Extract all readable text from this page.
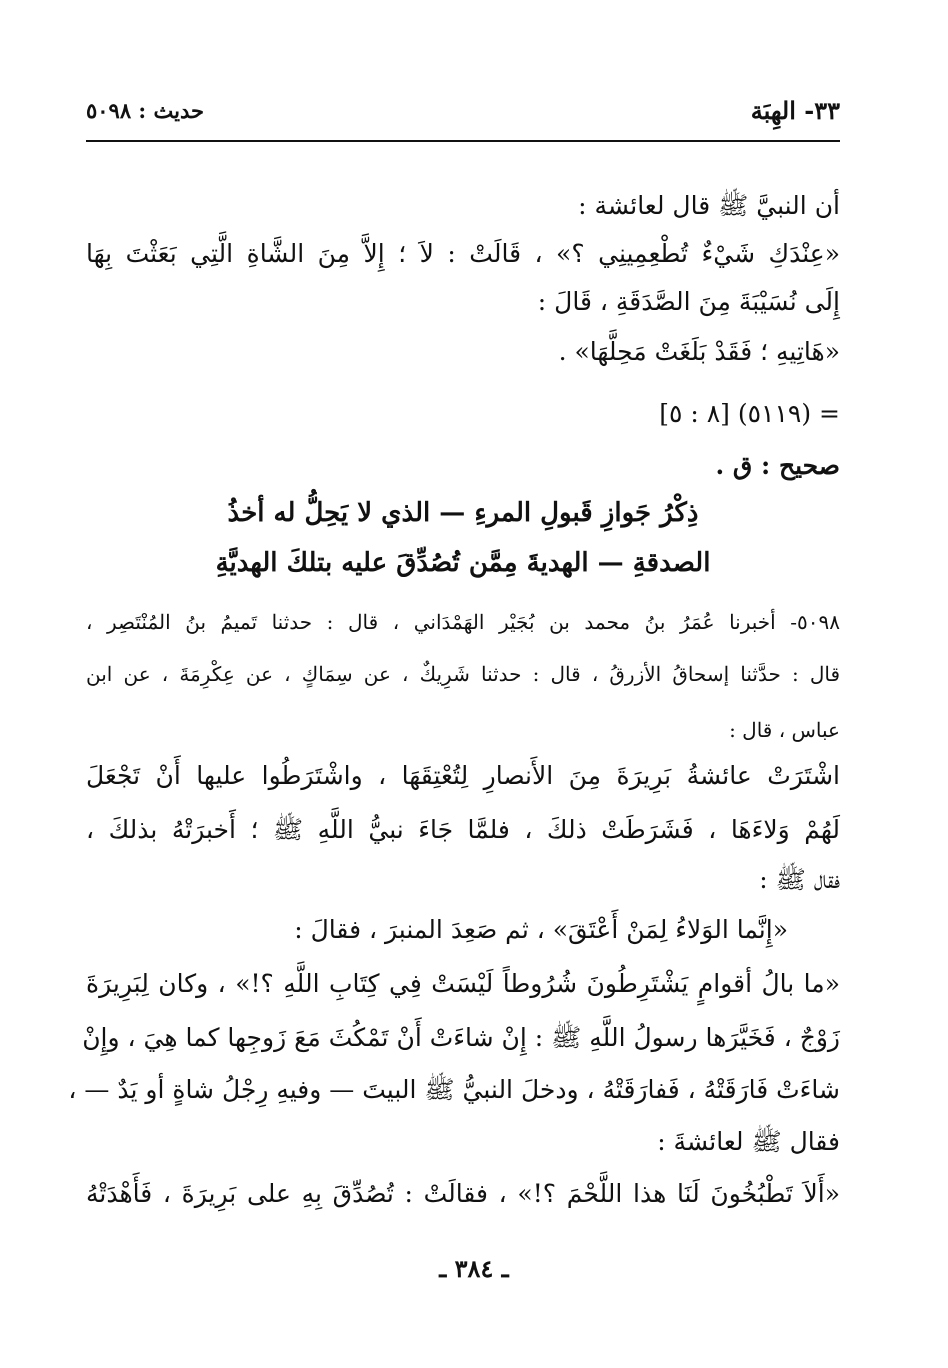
٣٣- الهِبَة
حديث : ٥٠٩٨
أن النبيَّ ﷺ قال لعائشة :
«عِنْدَكِ شَيْءٌ تُطْعِمِينِي ؟» ، قَالَتْ : لاَ ؛ إِلاَّ مِنَ الشَّاةِ الَّتِي بَعَثْتَ بِهَا
إِلَى نُسَيْبَةَ مِنَ الصَّدَقَةِ ، قَالَ :
«هَاتِيهِ ؛ فَقَدْ بَلَغَتْ مَحِلَّهَا» .
= (٥١١٩) [٨ : ٥]
صحيح : ق .
ذِكْرُ جَوازِ قَبولِ المرءِ — الذي لا يَحِلُّ له أخذُ
الصدقةِ — الهديةَ مِمَّن تُصُدِّقَ عليه بتلكَ الهديَّةِ
٥٠٩٨- أخبرنا عُمَرُ بنُ محمد بن بُجَيْر الهَمْدَاني ، قال : حدثنا تَميمُ بنُ المُنْتَصِر ،
قال : حدَّثنا إسحاقُ الأزرقُ ، قال : حدثنا شَرِيكٌ ، عن سِمَاكٍ ، عن عِكْرِمَةَ ، عن ابن
عباس ، قال :
اشْتَرَتْ عائشةُ بَرِيرَةَ مِنَ الأَنصارِ لِتُعْتِقَهَا ، واشْتَرَطُوا عليها أَنْ تَجْعَلَ
لَهُمْ وَلاءَهَا ، فَشَرَطَتْ ذلكَ ، فلمَّا جَاءَ نبيُّ اللَّهِ ﷺ ؛ أَخبرَتْهُ بذلكَ ،
فقال ﷺ :
«إِنَّما الوَلاءُ لِمَنْ أَعْتَقَ» ، ثم صَعِدَ المنبرَ ، فقالَ :
«ما بالُ أقوامٍ يَشْتَرِطُونَ شُرُوطاً لَيْسَتْ فِي كِتَابِ اللَّهِ ؟!» ، وكان لِبَرِيرَةَ
زَوْجٌ ، فَخَيَّرَها رسولُ اللَّهِ ﷺ : إِنْ شاءَتْ أَنْ تَمْكُثَ مَعَ زَوجِها كما هِيَ ، وإِنْ
شاءَتْ فَارَقَتْهُ ، فَفارَقَتْهُ ، ودخلَ النبيُّ ﷺ البيتَ — وفيهِ رِجْلُ شاةٍ أو يَدٌ — ،
فقال ﷺ لعائشةَ :
«أَلاَ تَطْبُخُونَ لَنَا هذا اللَّحْمَ ؟!» ، فقالَتْ : تُصُدِّقَ بِهِ على بَرِيرَةَ ، فَأَهْدَتْهُ
ـ ٣٨٤ ـ
